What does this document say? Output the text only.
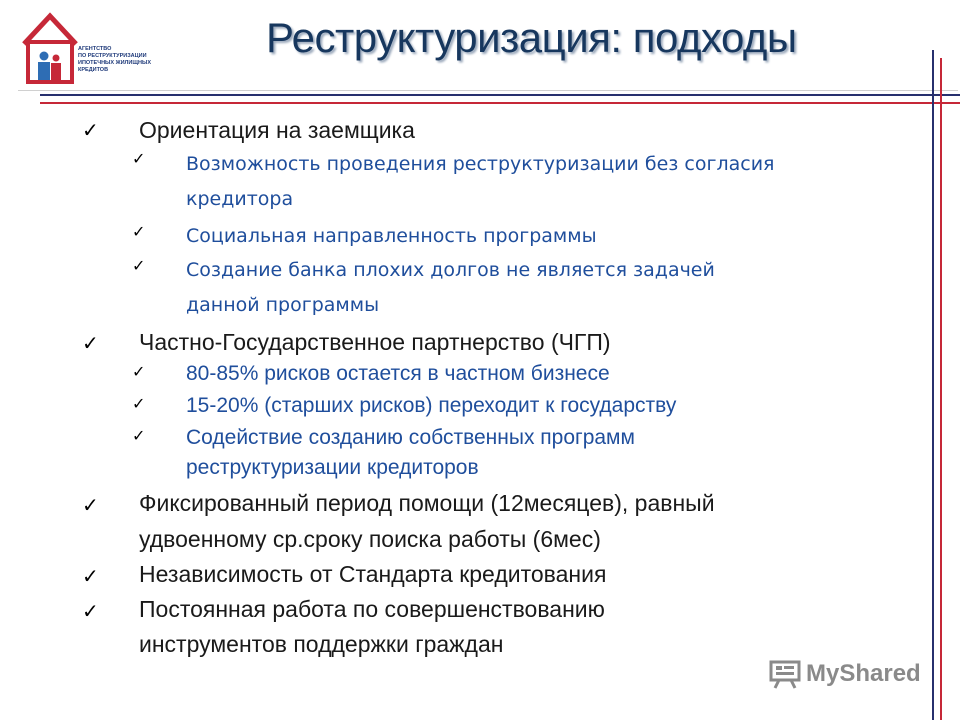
АГЕНТСТВО
ПО РЕСТРУКТУРИЗАЦИИ
ИПОТЕЧНЫХ ЖИЛИЩНЫХ
КРЕДИТОВ
Реструктуризация: подходы
✓ Ориентация на заемщика
✓ Возможность проведения реструктуризации без согласия
кредитора
✓ Социальная направленность программы
✓ Создание банка плохих долгов не является задачей
данной программы
✓ Частно-Государственное партнерство (ЧГП)
✓ 80-85% рисков остается в частном бизнесе
✓ 15-20% (старших рисков) переходит к государству
✓ Содействие созданию собственных программ
реструктуризации кредиторов
✓ Фиксированный период помощи (12месяцев), равный
удвоенному ср.сроку поиска работы (6мес)
✓ Независимость от Стандарта кредитования
✓ Постоянная работа по совершенствованию
инструментов поддержки граждан
MyShared
